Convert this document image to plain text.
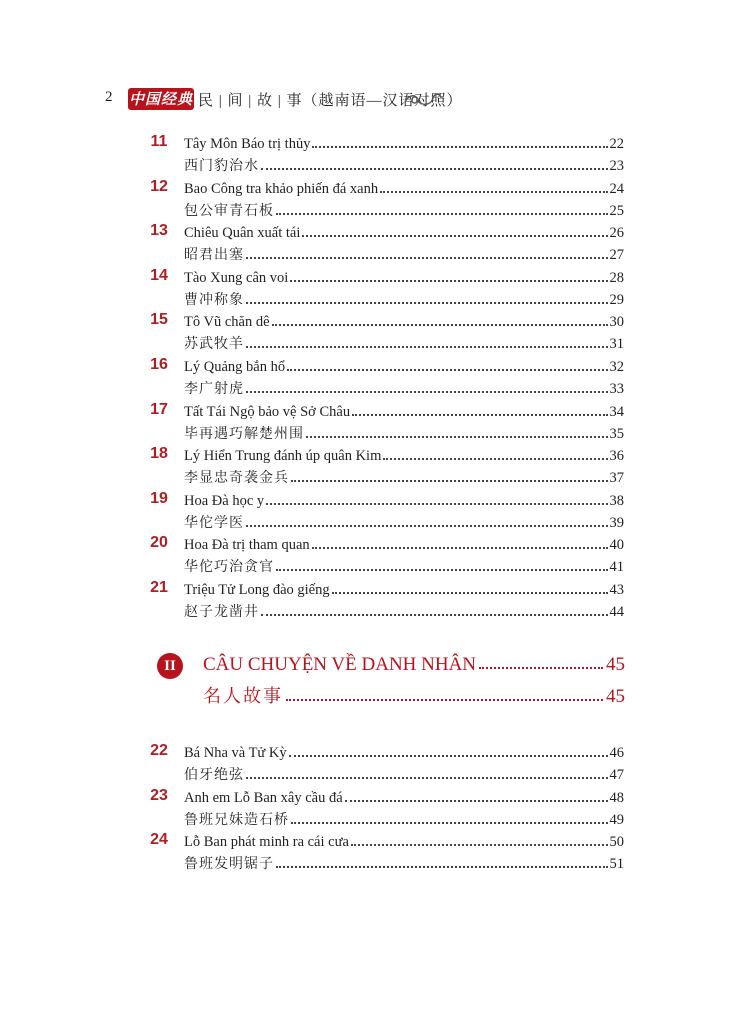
2 中国经典 民 | 间 | 故 | 事（越南语—汉语对照）
11 Tây Môn Báo trị thủy	22
西门豹治水	23
12 Bao Công tra khảo phiến đá xanh	24
包公审青石板	25
13 Chiêu Quân xuất tái	26
昭君出塞	27
14 Tào Xung cân voi	28
曹冲称象	29
15 Tô Vũ chăn dê	30
苏武牧羊	31
16 Lý Quảng bắn hổ	32
李广射虎	33
17 Tất Tái Ngộ bảo vệ Sở Châu	34
毕再遇巧解楚州围	35
18 Lý Hiển Trung đánh úp quân Kim	36
李显忠奇袭金兵	37
19 Hoa Đà học y	38
华佗学医	39
20 Hoa Đà trị tham quan	40
华佗巧治贪官	41
21 Triệu Tử Long đào giếng	43
赵子龙凿井	44
II	CÂU CHUYỆN VỀ DANH NHÂN	45
名人故事	45
22 Bá Nha và Tử Kỳ	46
伯牙绝弦	47
23 Anh em Lỗ Ban xây cầu đá	48
鲁班兄妹造石桥	49
24 Lỗ Ban phát minh ra cái cưa	50
鲁班发明锯子	51
